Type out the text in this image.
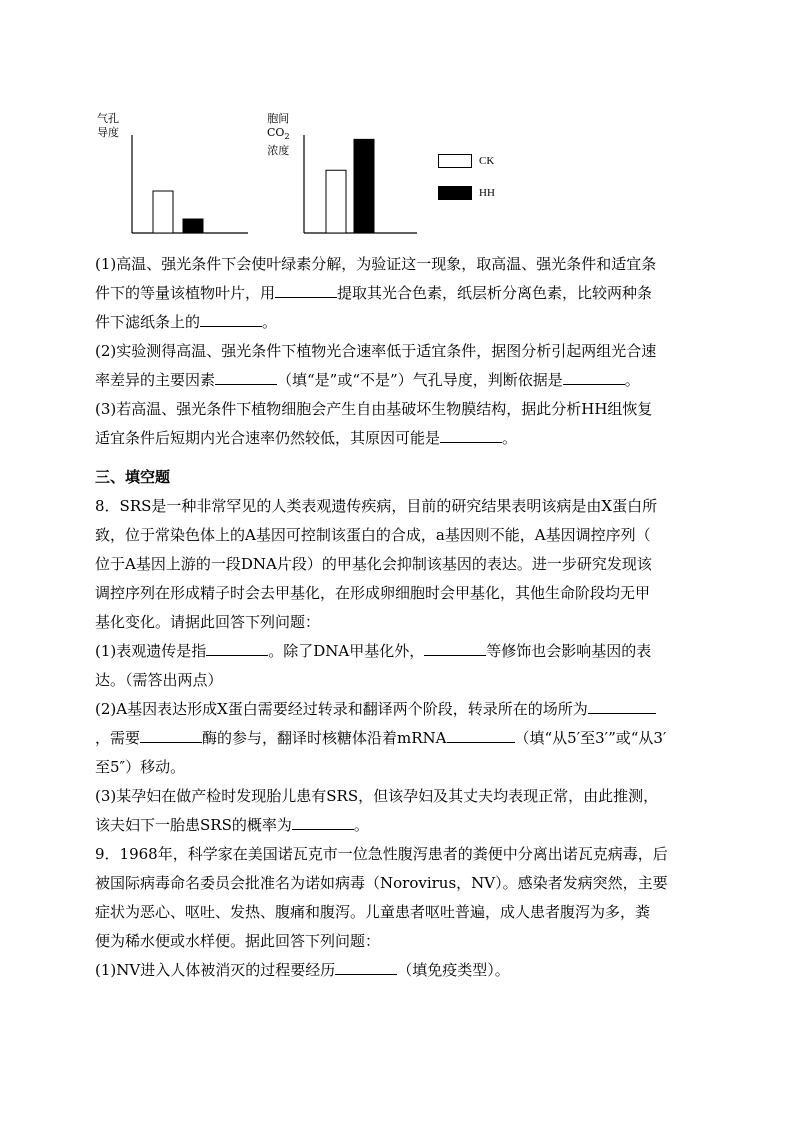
气孔
导度
胞间
$CO_2$
浓度
CK
HH

(1)高温、强光条件下会使叶绿素分解，为验证这一现象，取高温、强光条件和适宜条
件下的等量该植物叶片，用	提取其光合色素，纸层析分离色素，比较两种条
件下滤纸条上的	。

(2)实验测得高温、强光条件下植物光合速率低于适宜条件，据图分析引起两组光合速
率差异的主要因素	（填“是”或“不是”）气孔导度，判断依据是	。

(3)若高温、强光条件下植物细胞会产生自由基破坏生物膜结构，据此分析HH组恢复
适宜条件后短期内光合速率仍然较低，其原因可能是	。

三、填空题

8．SRS是一种非常罕见的人类表观遗传疾病，目前的研究结果表明该病是由X蛋白所
致，位于常染色体上的A基因可控制该蛋白的合成，a基因则不能，A基因调控序列（
位于A基因上游的一段DNA片段）的甲基化会抑制该基因的表达。进一步研究发现该
调控序列在形成精子时会去甲基化，在形成卵细胞时会甲基化，其他生命阶段均无甲
基化变化。请据此回答下列问题：

(1)表观遗传是指	。除了DNA甲基化外，	等修饰也会影响基因的表
达。（需答出两点）

(2)A基因表达形成X蛋白需要经过转录和翻译两个阶段，转录所在的场所为
，需要	酶的参与，翻译时核糖体沿着mRNA	（填“从5′至3′”或“从3′
至5″）移动。

(3)某孕妇在做产检时发现胎儿患有SRS，但该孕妇及其丈夫均表现正常，由此推测，
该夫妇下一胎患SRS的概率为	。

9．1968年，科学家在美国诺瓦克市一位急性腹泻患者的粪便中分离出诺瓦克病毒，后
被国际病毒命名委员会批准名为诺如病毒（Norovirus，NV）。感染者发病突然，主要
症状为恶心、呕吐、发热、腹痛和腹泻。儿童患者呕吐普遍，成人患者腹泻为多，粪
便为稀水便或水样便。据此回答下列问题：

(1)NV进入人体被消灭的过程要经历	（填免疫类型）。
